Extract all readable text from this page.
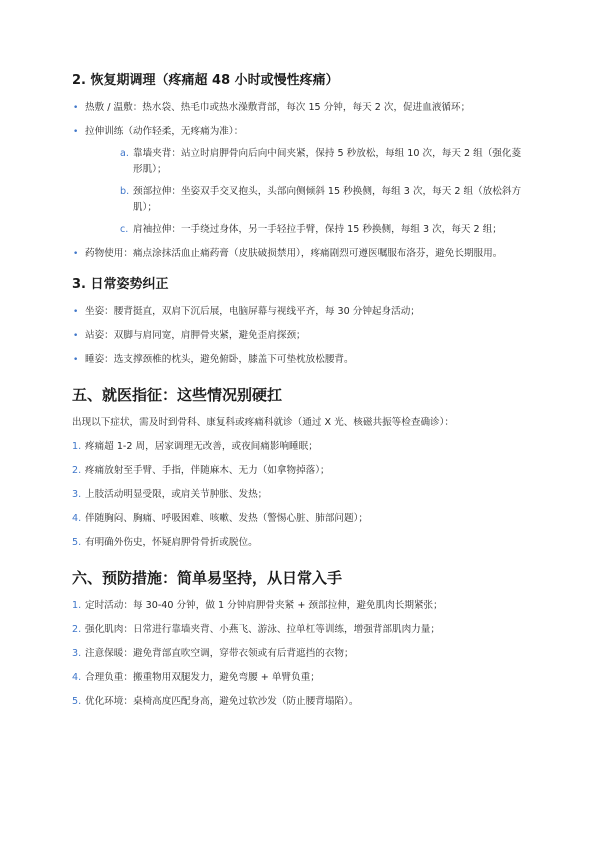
2. 恢复期调理（疼痛超 48 小时或慢性疼痛）
• 热敷 / 温敷：热水袋、热毛巾或热水澡敷背部，每次 15 分钟，每天 2 次，促进血液循环；
• 拉伸训练（动作轻柔，无疼痛为准）：
a. 靠墙夹背：站立时肩胛骨向后向中间夹紧，保持 5 秒放松，每组 10 次，每天 2 组（强化菱形肌）；
b. 颈部拉伸：坐姿双手交叉抱头，头部向侧倾斜 15 秒换侧，每组 3 次，每天 2 组（放松斜方肌）；
c. 肩袖拉伸：一手绕过身体，另一手轻拉手臂，保持 15 秒换侧，每组 3 次，每天 2 组；
• 药物使用：痛点涂抹活血止痛药膏（皮肤破损禁用），疼痛剧烈可遵医嘱服布洛芬，避免长期服用。
3. 日常姿势纠正
• 坐姿：腰背挺直，双肩下沉后展，电脑屏幕与视线平齐，每 30 分钟起身活动；
• 站姿：双脚与肩同宽，肩胛骨夹紧，避免歪肩探颈；
• 睡姿：选支撑颈椎的枕头，避免俯卧，膝盖下可垫枕放松腰背。
五、就医指征：这些情况别硬扛

出现以下症状，需及时到骨科、康复科或疼痛科就诊（通过 X 光、核磁共振等检查确诊）：

1. 疼痛超 1-2 周，居家调理无改善，或夜间痛影响睡眠；
2. 疼痛放射至手臂、手指，伴随麻木、无力（如拿物掉落）；
3. 上肢活动明显受限，或肩关节肿胀、发热；
4. 伴随胸闷、胸痛、呼吸困难、咳嗽、发热（警惕心脏、肺部问题）；
5. 有明确外伤史，怀疑肩胛骨骨折或脱位。
六、预防措施：简单易坚持，从日常入手
1. 定时活动：每 30-40 分钟，做 1 分钟肩胛骨夹紧 + 颈部拉伸，避免肌肉长期紧张；
2. 强化肌肉：日常进行靠墙夹背、小燕飞、游泳、拉单杠等训练，增强背部肌肉力量；
3. 注意保暖：避免背部直吹空调，穿带衣领或有后背遮挡的衣物；
4. 合理负重：搬重物用双腿发力，避免弯腰 + 单臂负重；
5. 优化环境：桌椅高度匹配身高，避免过软沙发（防止腰背塌陷）。
